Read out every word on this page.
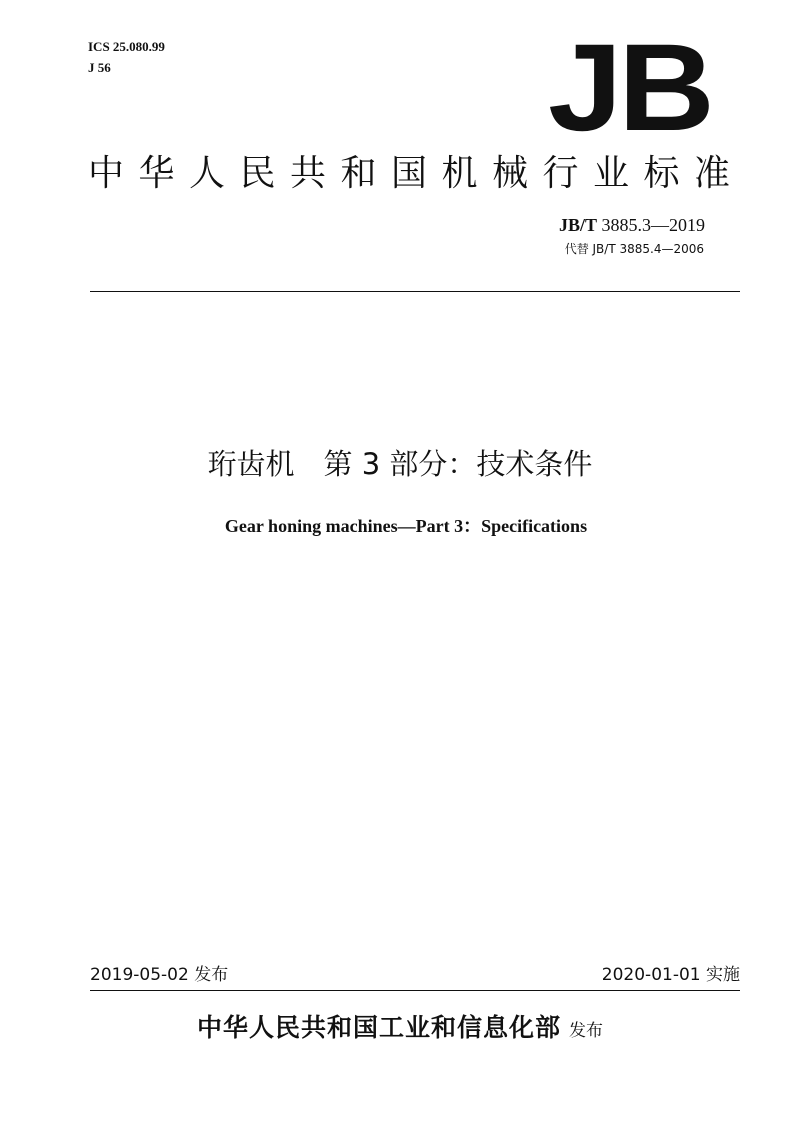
ICS 25.080.99
J 56	JB
中华人民共和国机械行业标准
JB/T 3885.3—2019
代替 JB/T 3885.4—2006
珩齿机　第 3 部分：技术条件
Gear honing machines—Part 3：Specifications
2019-05-02 发布	2020-01-01 实施
中华人民共和国工业和信息化部 发布
